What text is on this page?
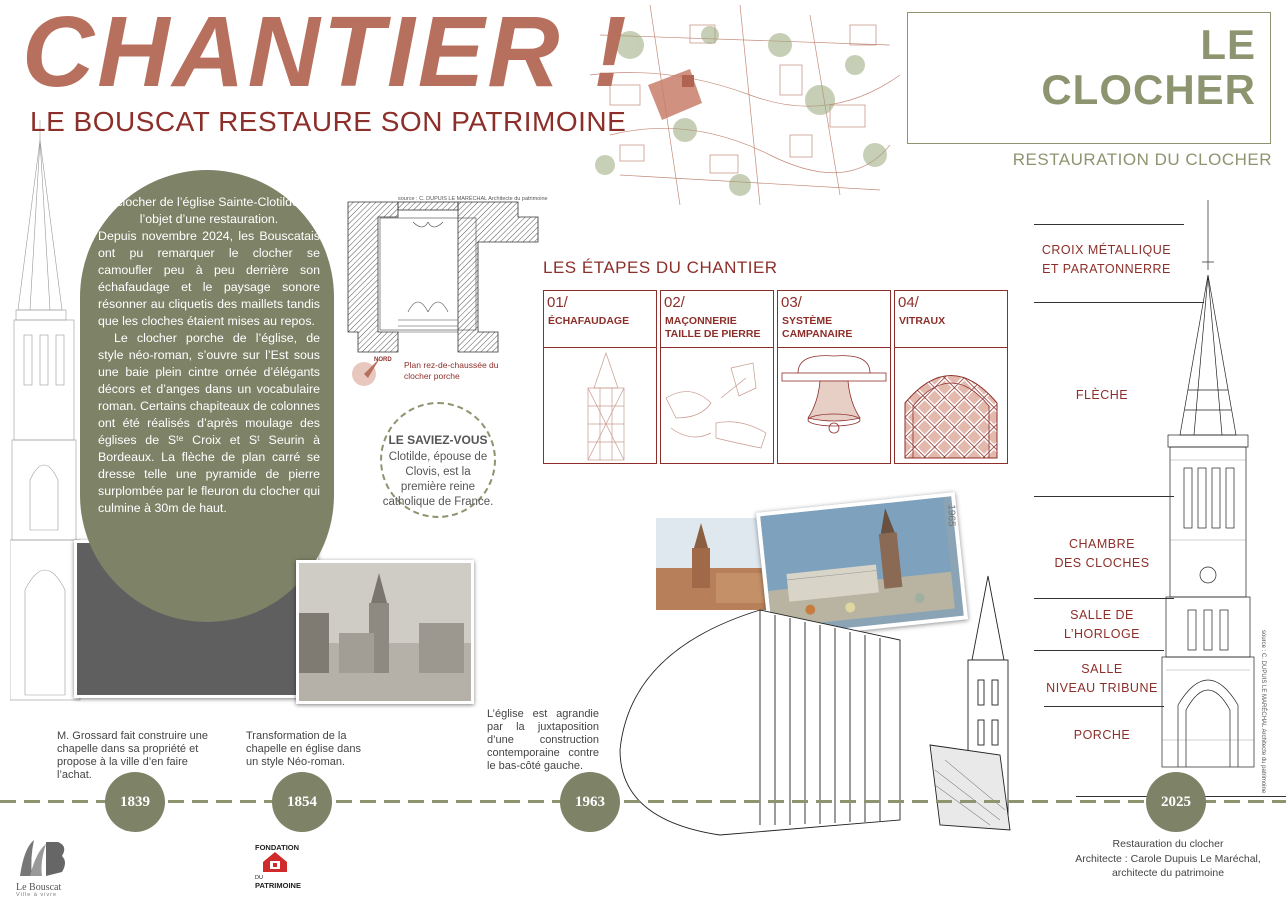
CHANTIER !
LE BOUSCAT RESTAURE SON PATRIMOINE
LE
CLOCHER
RESTAURATION DU CLOCHER

Le clocher de l’église Sainte-Clotilde fait l’objet d’une restauration.

Depuis novembre 2024, les Bouscatais ont pu remarquer le clocher se camoufler peu à peu derrière son échafaudage et le paysage sonore résonner au cliquetis des maillets tandis que les cloches étaient mises au repos.

Le clocher porche de l’église, de style néo-roman, s’ouvre sur l’Est sous une baie plein cintre ornée d’élégants décors et d’anges dans un vocabulaire roman. Certains chapiteaux de colonnes ont été réalisés d’après moulage des églises de Sᵗᵉ Croix et Sᵗ Seurin à Bordeaux. La flèche de plan carré se dresse telle une pyramide de pierre surplombée par le fleuron du clocher qui culmine à 30m de haut.

source : C. DUPUIS LE MARÉCHAL Architecte du patrimoine
NORD Plan rez-de-chaussée du clocher porche
LE SAVIEZ-VOUS
Clotilde, épouse de Clovis, est la première reine catholique de France.
LES ÉTAPES DU CHANTIER
01/
ÉCHAFAUDAGE
02/
MAÇONNERIE TAILLE DE PIERRE
03/
SYSTÈME CAMPANAIRE
04/
VITRAUX
1965
source : C. DUPUIS LE MARÉCHAL Architecte du patrimoine
CROIX MÉTALLIQUE
ET PARATONNERRE
FLÈCHE
CHAMBRE
DES CLOCHES
SALLE DE
L’HORLOGE
SALLE
NIVEAU TRIBUNE
PORCHE
M. Grossard fait construire une chapelle dans sa propriété et propose à la ville d’en faire l’achat.
Transformation de la chapelle en église dans un style Néo-roman.
L’église est agrandie par la juxtaposition d’une construction contemporaine contre le bas-côté gauche.
1839	1854	1963	2025
Restauration du clocher
Architecte : Carole Dupuis Le Maréchal, architecte du patrimoine
Le Bouscat
Ville à vivre
FONDATION
DU
PATRIMOINE
